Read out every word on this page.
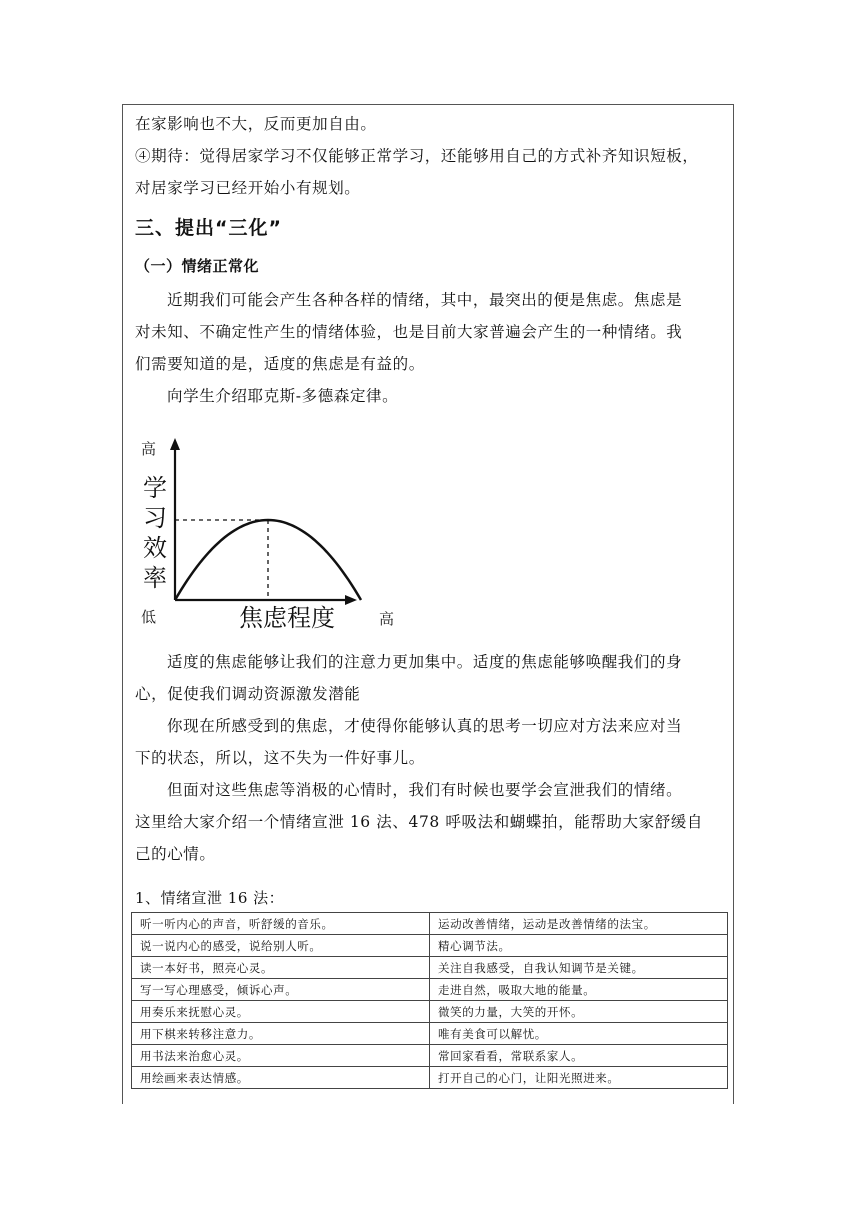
在家影响也不大，反而更加自由。

④期待：觉得居家学习不仅能够正常学习，还能够用自己的方式补齐知识短板，

对居家学习已经开始小有规划。

三、提出“三化”
（一）情绪正常化

近期我们可能会产生各种各样的情绪，其中，最突出的便是焦虑。焦虑是

对未知、不确定性产生的情绪体验，也是目前大家普遍会产生的一种情绪。我

们需要知道的是，适度的焦虑是有益的。

向学生介绍耶克斯-多德森定律。

高
学
习
效
率
低	焦虑程度	高

适度的焦虑能够让我们的注意力更加集中。适度的焦虑能够唤醒我们的身

心，促使我们调动资源激发潜能

你现在所感受到的焦虑，才使得你能够认真的思考一切应对方法来应对当

下的状态，所以，这不失为一件好事儿。

但面对这些焦虑等消极的心情时，我们有时候也要学会宣泄我们的情绪。

这里给大家介绍一个情绪宣泄 16 法、478 呼吸法和蝴蝶拍，能帮助大家舒缓自

己的心情。

1、情绪宣泄 16 法：
听一听内心的声音，听舒缓的音乐。	运动改善情绪，运动是改善情绪的法宝。
说一说内心的感受，说给别人听。	精心调节法。
读一本好书，照亮心灵。	关注自我感受，自我认知调节是关键。
写一写心理感受，倾诉心声。	走进自然，吸取大地的能量。
用奏乐来抚慰心灵。	微笑的力量，大笑的开怀。
用下棋来转移注意力。	唯有美食可以解忧。
用书法来治愈心灵。	常回家看看，常联系家人。
用绘画来表达情感。	打开自己的心门，让阳光照进来。
